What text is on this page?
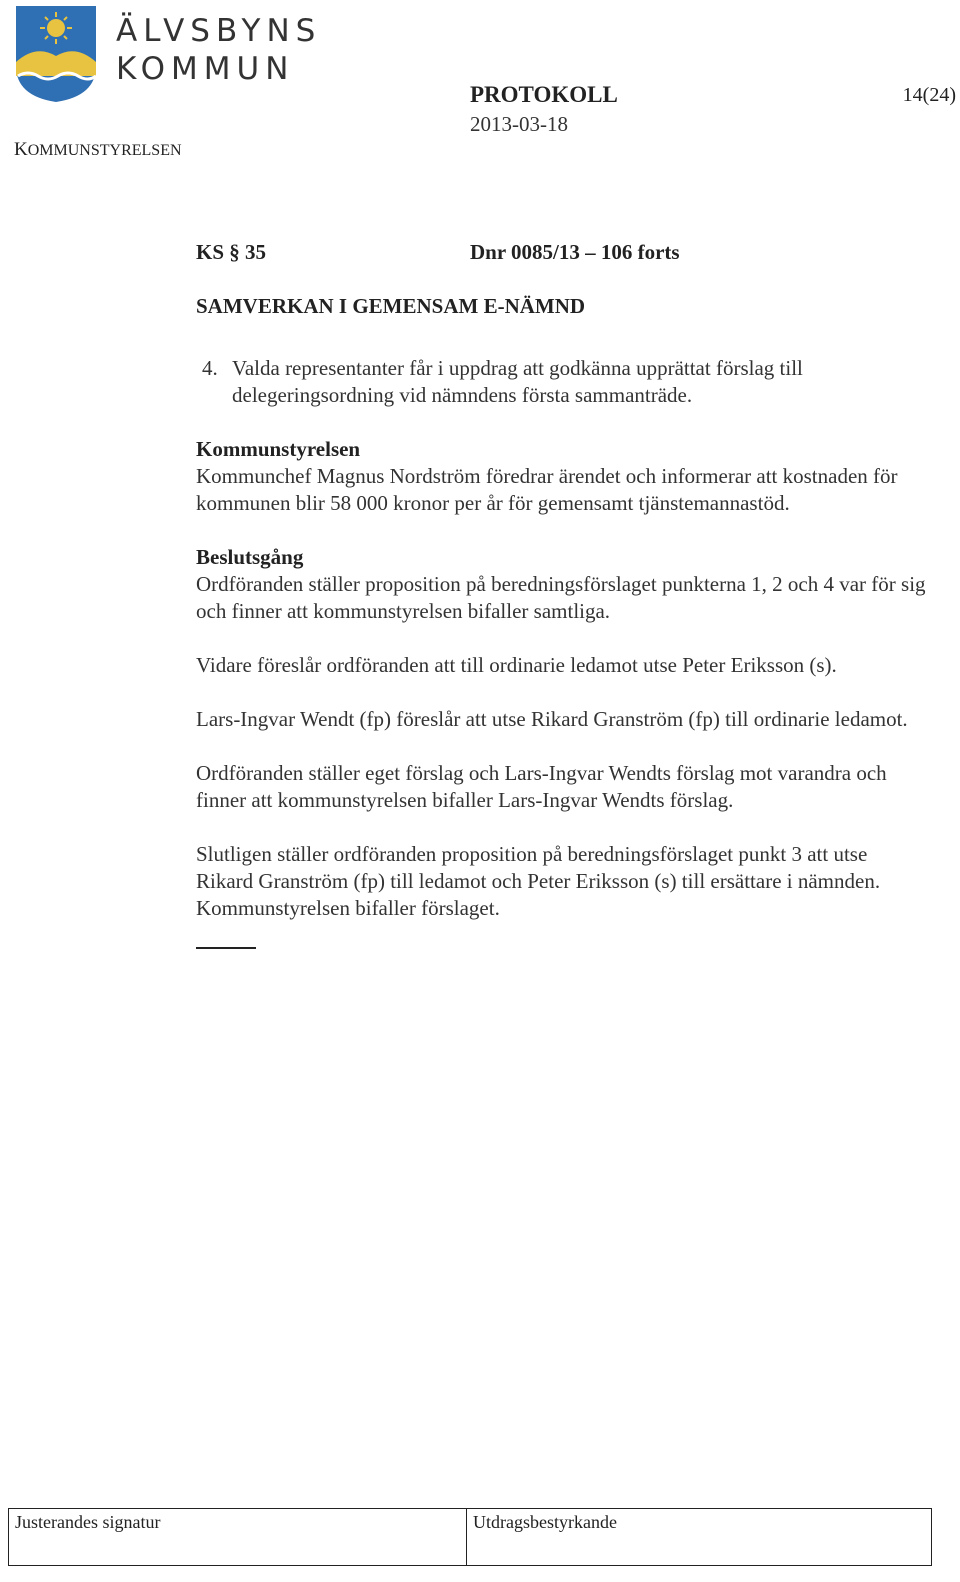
ÄLVSBYNS
KOMMUN
KOMMUNSTYRELSEN
PROTOKOLL
2013-03-18
14(24)
KS § 35	Dnr 0085/13 – 106 forts
SAMVERKAN I GEMENSAM E-NÄMND
4. Valda representanter får i uppdrag att godkänna upprättat förslag till delegeringsordning vid nämndens första sammanträde.
Kommunstyrelsen

Kommunchef Magnus Nordström föredrar ärendet och informerar att kostnaden för kommunen blir 58 000 kronor per år för gemensamt tjänstemannastöd.

Beslutsgång

Ordföranden ställer proposition på beredningsförslaget punkterna 1, 2 och 4 var för sig och finner att kommunstyrelsen bifaller samtliga.

Vidare föreslår ordföranden att till ordinarie ledamot utse Peter Eriksson (s).

Lars-Ingvar Wendt (fp) föreslår att utse Rikard Granström (fp) till ordinarie ledamot.

Ordföranden ställer eget förslag och Lars-Ingvar Wendts förslag mot varandra och finner att kommunstyrelsen bifaller Lars-Ingvar Wendts förslag.

Slutligen ställer ordföranden proposition på beredningsförslaget punkt 3 att utse Rikard Granström (fp) till ledamot och Peter Eriksson (s) till ersättare i nämnden. Kommunstyrelsen bifaller förslaget.

Justerandes signatur	Utdragsbestyrkande
